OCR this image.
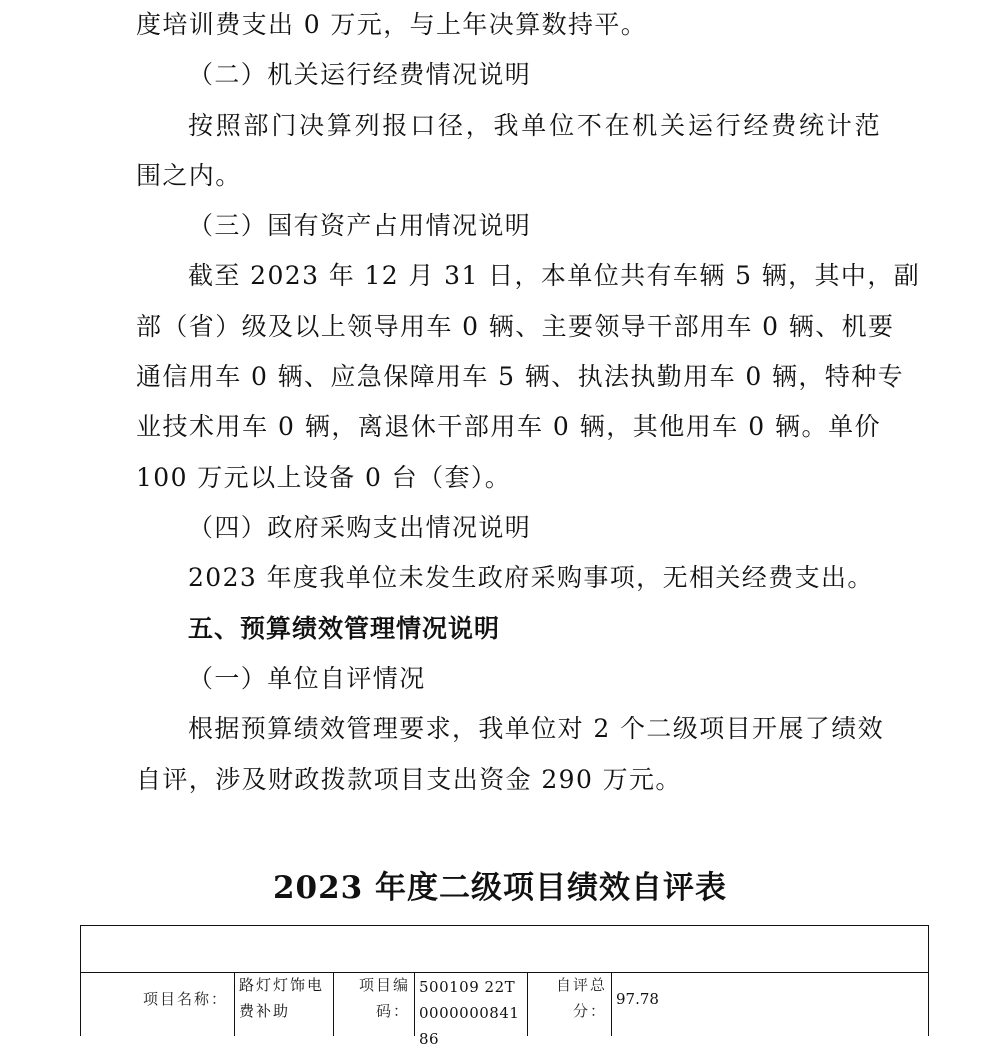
度培训费支出 0 万元，与上年决算数持平。
（二）机关运行经费情况说明
按照部门决算列报口径，我单位不在机关运行经费统计范
围之内。
（三）国有资产占用情况说明
截至 2023 年 12 月 31 日，本单位共有车辆 5 辆，其中，副
部（省）级及以上领导用车 0 辆、主要领导干部用车 0 辆、机要
通信用车 0 辆、应急保障用车 5 辆、执法执勤用车 0 辆，特种专
业技术用车 0 辆，离退休干部用车 0 辆，其他用车 0 辆。单价
100 万元以上设备 0 台（套）。
（四）政府采购支出情况说明
2023 年度我单位未发生政府采购事项，无相关经费支出。
五、预算绩效管理情况说明
（一）单位自评情况
根据预算绩效管理要求，我单位对 2 个二级项目开展了绩效
自评，涉及财政拨款项目支出资金 290 万元。
2023 年度二级项目绩效自评表
项目名称：
路灯灯饰电费补助
项目编
码：
500109 22T000000084186
自评总
分：
97.78
